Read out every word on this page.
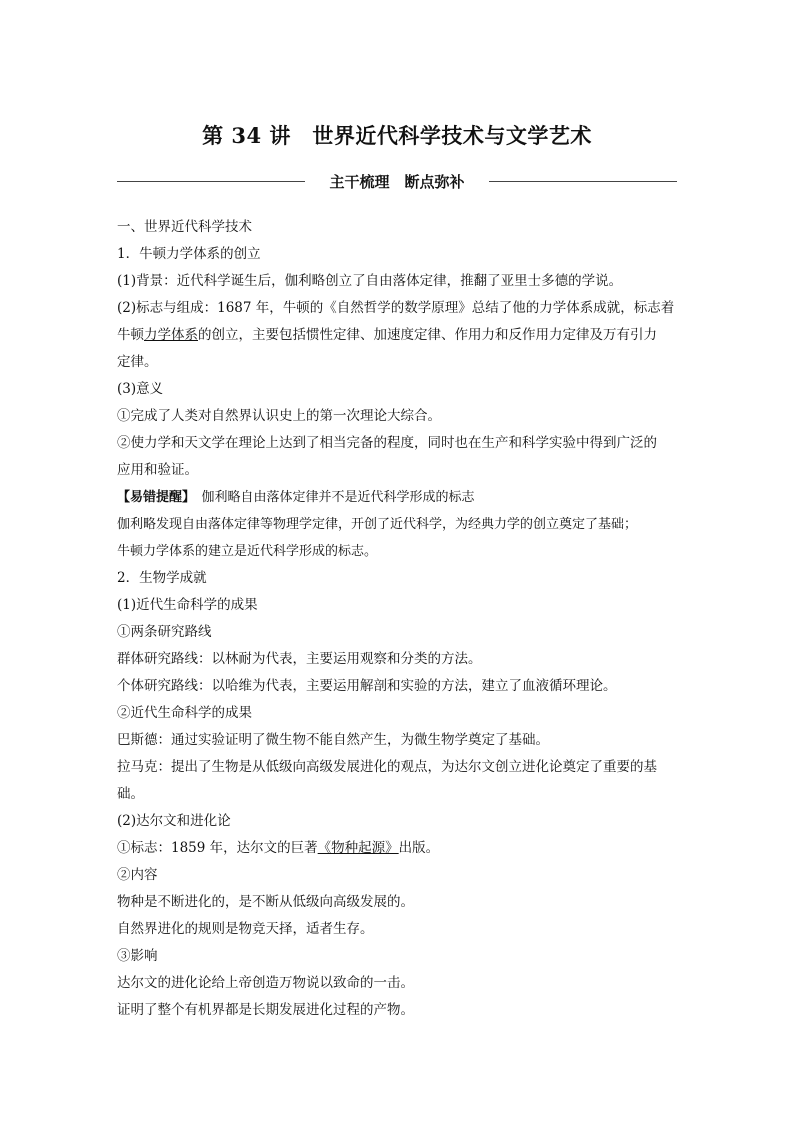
第 34 讲　世界近代科学技术与文学艺术
主干梳理　断点弥补

一、世界近代科学技术

1．牛顿力学体系的创立

(1)背景：近代科学诞生后，伽利略创立了自由落体定律，推翻了亚里士多德的学说。

(2)标志与组成：1687 年，牛顿的《自然哲学的数学原理》总结了他的力学体系成就，标志着

牛顿力学体系的创立，主要包括惯性定律、加速度定律、作用力和反作用力定律及万有引力

定律。

(3)意义

①完成了人类对自然界认识史上的第一次理论大综合。

②使力学和天文学在理论上达到了相当完备的程度，同时也在生产和科学实验中得到广泛的

应用和验证。

【易错提醒】　伽利略自由落体定律并不是近代科学形成的标志

伽利略发现自由落体定律等物理学定律，开创了近代科学，为经典力学的创立奠定了基础；

牛顿力学体系的建立是近代科学形成的标志。

2．生物学成就

(1)近代生命科学的成果

①两条研究路线

群体研究路线：以林耐为代表，主要运用观察和分类的方法。

个体研究路线：以哈维为代表，主要运用解剖和实验的方法，建立了血液循环理论。

②近代生命科学的成果

巴斯德：通过实验证明了微生物不能自然产生，为微生物学奠定了基础。

拉马克：提出了生物是从低级向高级发展进化的观点，为达尔文创立进化论奠定了重要的基

础。

(2)达尔文和进化论

①标志：1859 年，达尔文的巨著《物种起源》出版。

②内容

物种是不断进化的，是不断从低级向高级发展的。

自然界进化的规则是物竞天择，适者生存。

③影响

达尔文的进化论给上帝创造万物说以致命的一击。

证明了整个有机界都是长期发展进化过程的产物。
